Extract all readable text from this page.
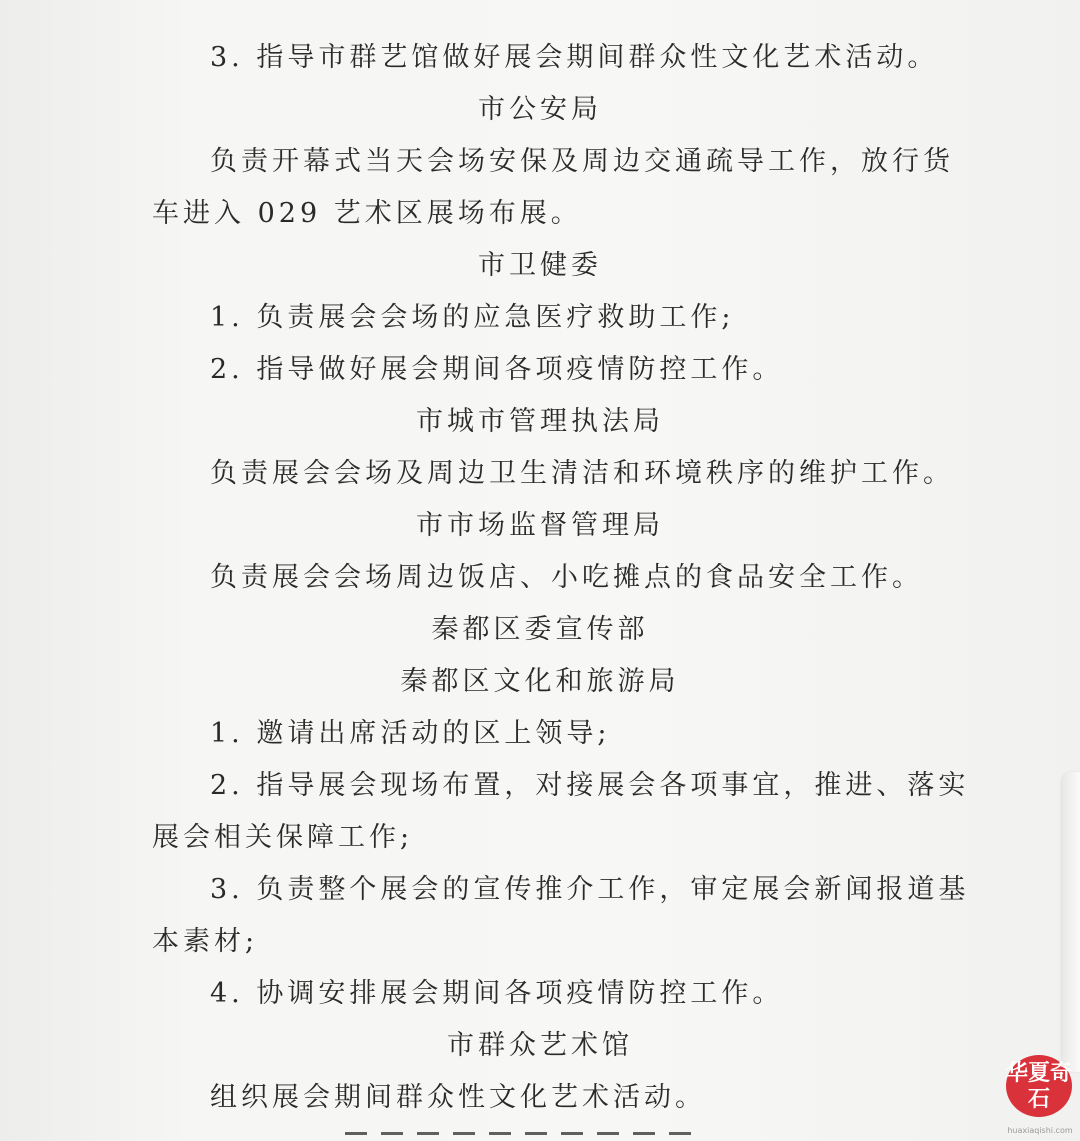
3. 指导市群艺馆做好展会期间群众性文化艺术活动。
市公安局
负责开幕式当天会场安保及周边交通疏导工作，放行货
车进入 029 艺术区展场布展。
市卫健委
1. 负责展会会场的应急医疗救助工作;
2. 指导做好展会期间各项疫情防控工作。
市城市管理执法局
负责展会会场及周边卫生清洁和环境秩序的维护工作。
市市场监督管理局
负责展会会场周边饭店、小吃摊点的食品安全工作。
秦都区委宣传部
秦都区文化和旅游局
1. 邀请出席活动的区上领导;
2. 指导展会现场布置，对接展会各项事宜，推进、落实
展会相关保障工作;
3. 负责整个展会的宣传推介工作，审定展会新闻报道基
本素材;
4. 协调安排展会期间各项疫情防控工作。
市群众艺术馆
组织展会期间群众性文化艺术活动。
华夏奇石
huaxiaqishi.com
